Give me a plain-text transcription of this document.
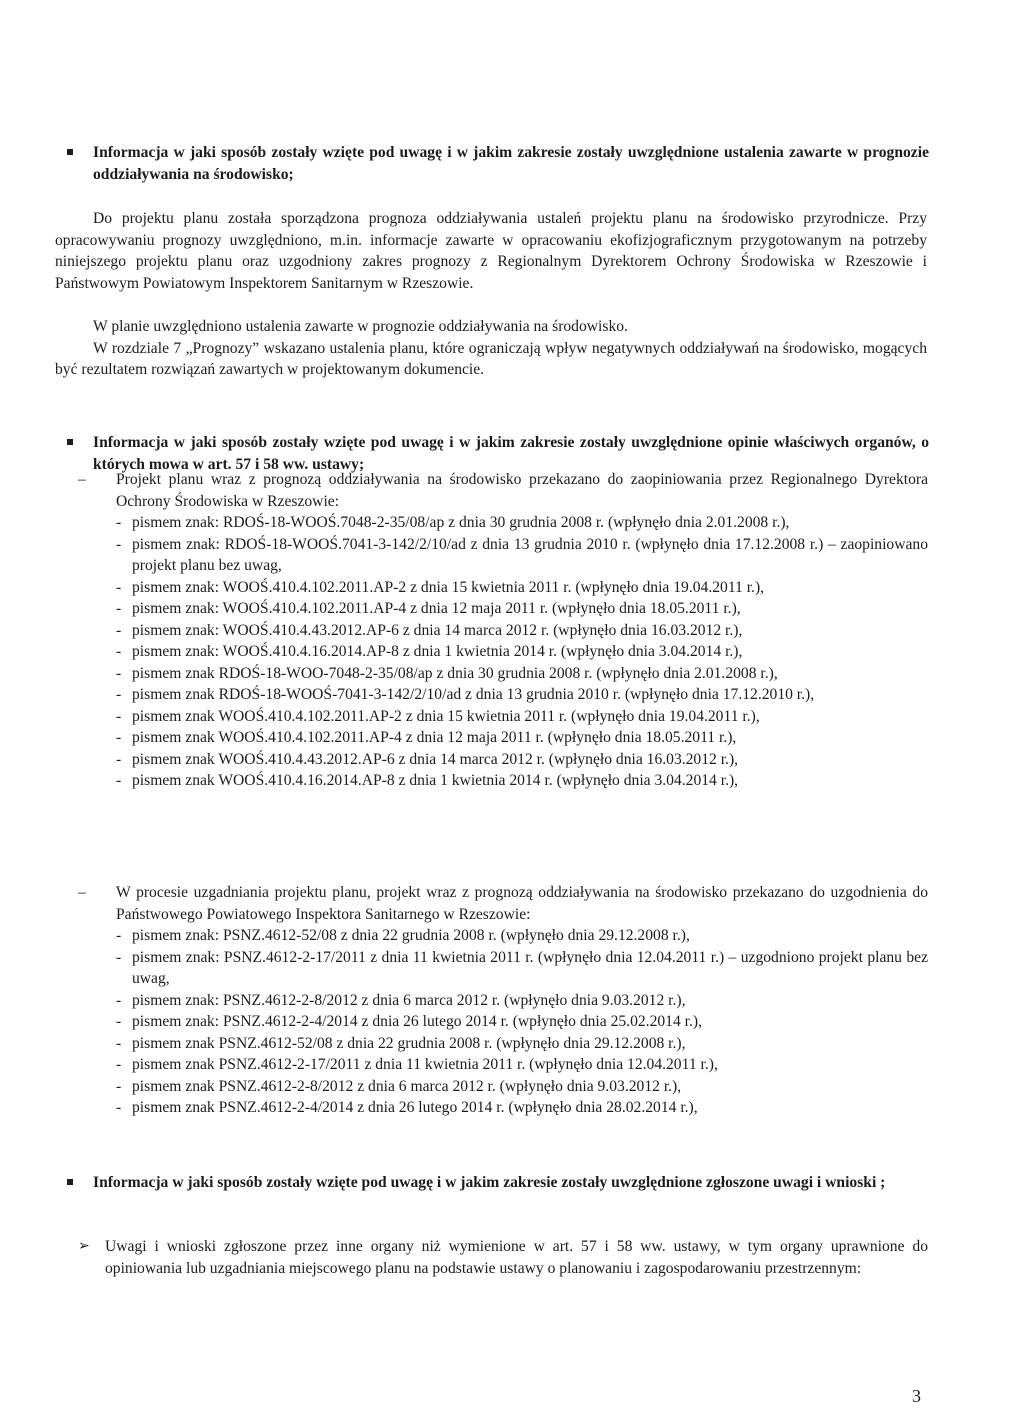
Informacja w jaki sposób zostały wzięte pod uwagę i w jakim zakresie zostały uwzględnione ustalenia zawarte w prognozie oddziaływania na środowisko;

Do projektu planu została sporządzona prognoza oddziaływania ustaleń projektu planu na środowisko przyrodnicze. Przy opracowywaniu prognozy uwzględniono, m.in. informacje zawarte w opracowaniu ekofizjograficznym przygotowanym na potrzeby niniejszego projektu planu oraz uzgodniony zakres prognozy z Regionalnym Dyrektorem Ochrony Środowiska w Rzeszowie i Państwowym Powiatowym Inspektorem Sanitarnym w Rzeszowie.

W planie uwzględniono ustalenia zawarte w prognozie oddziaływania na środowisko.

W rozdziale 7 „Prognozy” wskazano ustalenia planu, które ograniczają wpływ negatywnych oddziaływań na środowisko, mogących być rezultatem rozwiązań zawartych w projektowanym dokumencie.

Informacja w jaki sposób zostały wzięte pod uwagę i w jakim zakresie zostały uwzględnione opinie właściwych organów, o których mowa w art. 57 i 58 ww. ustawy;
– Projekt planu wraz z prognozą oddziaływania na środowisko przekazano do zaopiniowania przez Regionalnego Dyrektora Ochrony Środowiska w Rzeszowie:

- pismem znak: RDOŚ-18-WOOŚ.7048-2-35/08/ap z dnia 30 grudnia 2008 r. (wpłynęło dnia 2.01.2008 r.),
- pismem znak: RDOŚ-18-WOOŚ.7041-3-142/2/10/ad z dnia 13 grudnia 2010 r. (wpłynęło dnia 17.12.2008 r.) – zaopiniowano projekt planu bez uwag,
- pismem znak: WOOŚ.410.4.102.2011.AP-2 z dnia 15 kwietnia 2011 r. (wpłynęło dnia 19.04.2011 r.),
- pismem znak: WOOŚ.410.4.102.2011.AP-4 z dnia 12 maja 2011 r. (wpłynęło dnia 18.05.2011 r.),
- pismem znak: WOOŚ.410.4.43.2012.AP-6 z dnia 14 marca 2012 r. (wpłynęło dnia 16.03.2012 r.),
- pismem znak: WOOŚ.410.4.16.2014.AP-8 z dnia 1 kwietnia 2014 r. (wpłynęło dnia 3.04.2014 r.),
- pismem znak RDOŚ-18-WOO-7048-2-35/08/ap z dnia 30 grudnia 2008 r. (wpłynęło dnia 2.01.2008 r.),
- pismem znak RDOŚ-18-WOOŚ-7041-3-142/2/10/ad z dnia 13 grudnia 2010 r. (wpłynęło dnia 17.12.2010 r.),
- pismem znak WOOŚ.410.4.102.2011.AP-2 z dnia 15 kwietnia 2011 r. (wpłynęło dnia 19.04.2011 r.),
- pismem znak WOOŚ.410.4.102.2011.AP-4 z dnia 12 maja 2011 r. (wpłynęło dnia 18.05.2011 r.),
- pismem znak WOOŚ.410.4.43.2012.AP-6 z dnia 14 marca 2012 r. (wpłynęło dnia 16.03.2012 r.),
- pismem znak WOOŚ.410.4.16.2014.AP-8 z dnia 1 kwietnia 2014 r. (wpłynęło dnia 3.04.2014 r.),
– W procesie uzgadniania projektu planu, projekt wraz z prognozą oddziaływania na środowisko przekazano do uzgodnienia do Państwowego Powiatowego Inspektora Sanitarnego w Rzeszowie:

- pismem znak: PSNZ.4612-52/08 z dnia 22 grudnia 2008 r. (wpłynęło dnia 29.12.2008 r.),
- pismem znak: PSNZ.4612-2-17/2011 z dnia 11 kwietnia 2011 r. (wpłynęło dnia 12.04.2011 r.) – uzgodniono projekt planu bez uwag,
- pismem znak: PSNZ.4612-2-8/2012 z dnia 6 marca 2012 r. (wpłynęło dnia 9.03.2012 r.),
- pismem znak: PSNZ.4612-2-4/2014 z dnia 26 lutego 2014 r. (wpłynęło dnia 25.02.2014 r.),
- pismem znak PSNZ.4612-52/08 z dnia 22 grudnia 2008 r. (wpłynęło dnia 29.12.2008 r.),
- pismem znak PSNZ.4612-2-17/2011 z dnia 11 kwietnia 2011 r. (wpłynęło dnia 12.04.2011 r.),
- pismem znak PSNZ.4612-2-8/2012 z dnia 6 marca 2012 r. (wpłynęło dnia 9.03.2012 r.),
- pismem znak PSNZ.4612-2-4/2014 z dnia 26 lutego 2014 r. (wpłynęło dnia 28.02.2014 r.),
Informacja w jaki sposób zostały wzięte pod uwagę i w jakim zakresie zostały uwzględnione zgłoszone uwagi i wnioski ;
➢ Uwagi i wnioski zgłoszone przez inne organy niż wymienione w art. 57 i 58 ww. ustawy, w tym organy uprawnione do opiniowania lub uzgadniania miejscowego planu na podstawie ustawy o planowaniu i zagospodarowaniu przestrzennym:
3
